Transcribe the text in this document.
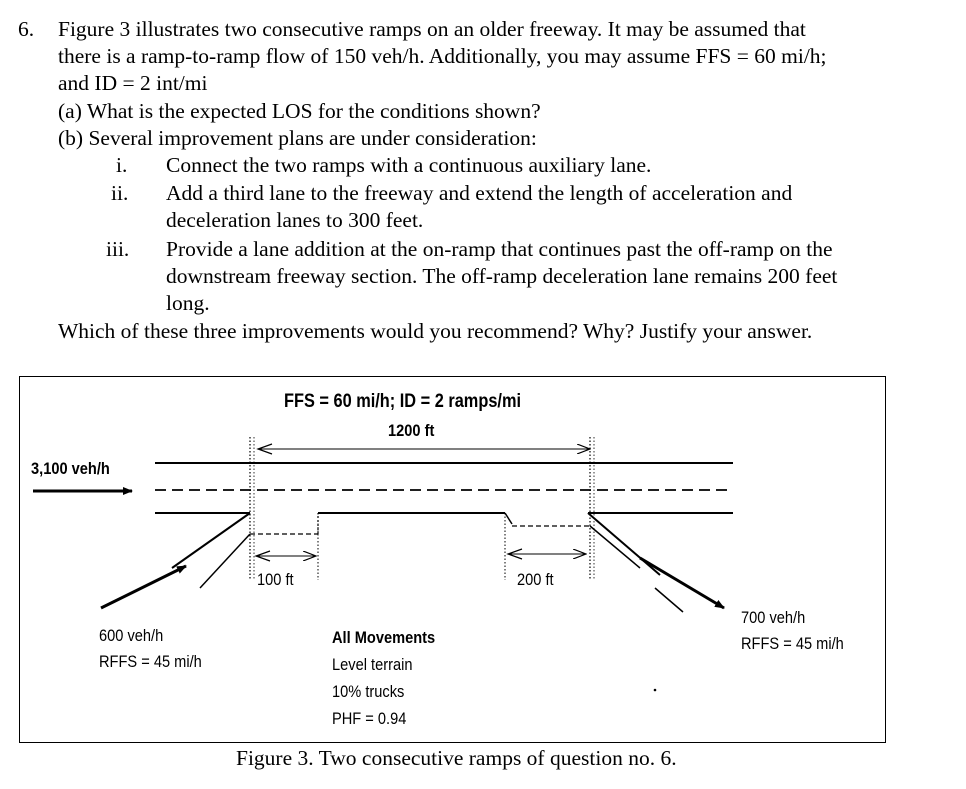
6. Figure 3 illustrates two consecutive ramps on an older freeway. It may be assumed that
there is a ramp-to-ramp flow of 150 veh/h. Additionally, you may assume FFS = 60 mi/h;
and ID = 2 int/mi
(a) What is the expected LOS for the conditions shown?
(b) Several improvement plans are under consideration:
i. Connect the two ramps with a continuous auxiliary lane.
ii. Add a third lane to the freeway and extend the length of acceleration and
deceleration lanes to 300 feet.
iii. Provide a lane addition at the on-ramp that continues past the off-ramp on the
downstream freeway section. The off-ramp deceleration lane remains 200 feet
long.
Which of these three improvements would you recommend? Why? Justify your answer.
FFS = 60 mi/h; ID = 2 ramps/mi
1200 ft
3,100 veh/h
100 ft	200 ft
600 veh/h
RFFS = 45 mi/h
700 veh/h
RFFS = 45 mi/h
All Movements
Level terrain
10% trucks
PHF = 0.94
Figure 3. Two consecutive ramps of question no. 6.
